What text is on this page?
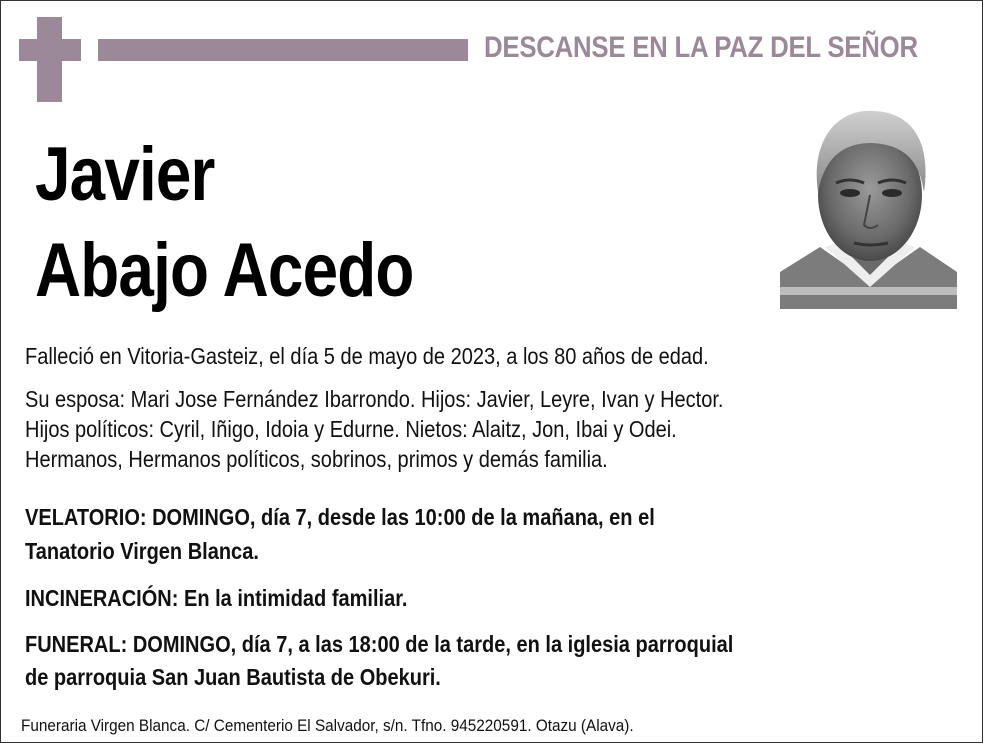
DESCANSE EN LA PAZ DEL SEÑOR
Javier
Abajo Acedo
Falleció en Vitoria-Gasteiz, el día 5 de mayo de 2023, a los 80 años de edad.
Su esposa: Mari Jose Fernández Ibarrondo. Hijos: Javier, Leyre, Ivan y Hector.
Hijos políticos: Cyril, Iñigo, Idoia y Edurne. Nietos: Alaitz, Jon, Ibai y Odei.
Hermanos, Hermanos políticos, sobrinos, primos y demás familia.
VELATORIO: DOMINGO, día 7, desde las 10:00 de la mañana, en el
Tanatorio Virgen Blanca.
INCINERACIÓN: En la intimidad familiar.
FUNERAL: DOMINGO, día 7, a las 18:00 de la tarde, en la iglesia parroquial
de parroquia San Juan Bautista de Obekuri.
Funeraria Virgen Blanca. C/ Cementerio El Salvador, s/n. Tfno. 945220591. Otazu (Alava).
